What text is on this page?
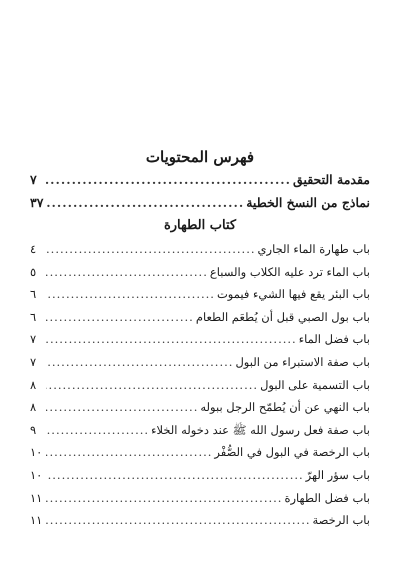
فهرس المحتويات
مقدمة التحقيق
.....
٧
نماذج من النسخ الخطية
.....
٣٧
كتاب الطهارة
باب طهارة الماء الجاري
.....
٤
باب الماء ترد عليه الكلاب والسباع
.....
٥
باب البئر يقع فيها الشيء فيموت
.....
٦
باب بول الصبي قبل أن يُطعَم الطعام
.....
٦
باب فضل الماء
.....
٧
باب صفة الاستبراء من البول
.....
٧
باب التسمية على البول
.....
٨
باب النهي عن أن يُطمّح الرجل ببوله
.....
٨
باب صفة فعل رسول الله ﷺ عند دخوله الخلاء
.....
٩
باب الرخصة في البول في الصُّفْر
.....
١٠
باب سؤر الهرّ
.....
١٠
باب فضل الطهارة
.....
١١
باب الرخصة
.....
١١
